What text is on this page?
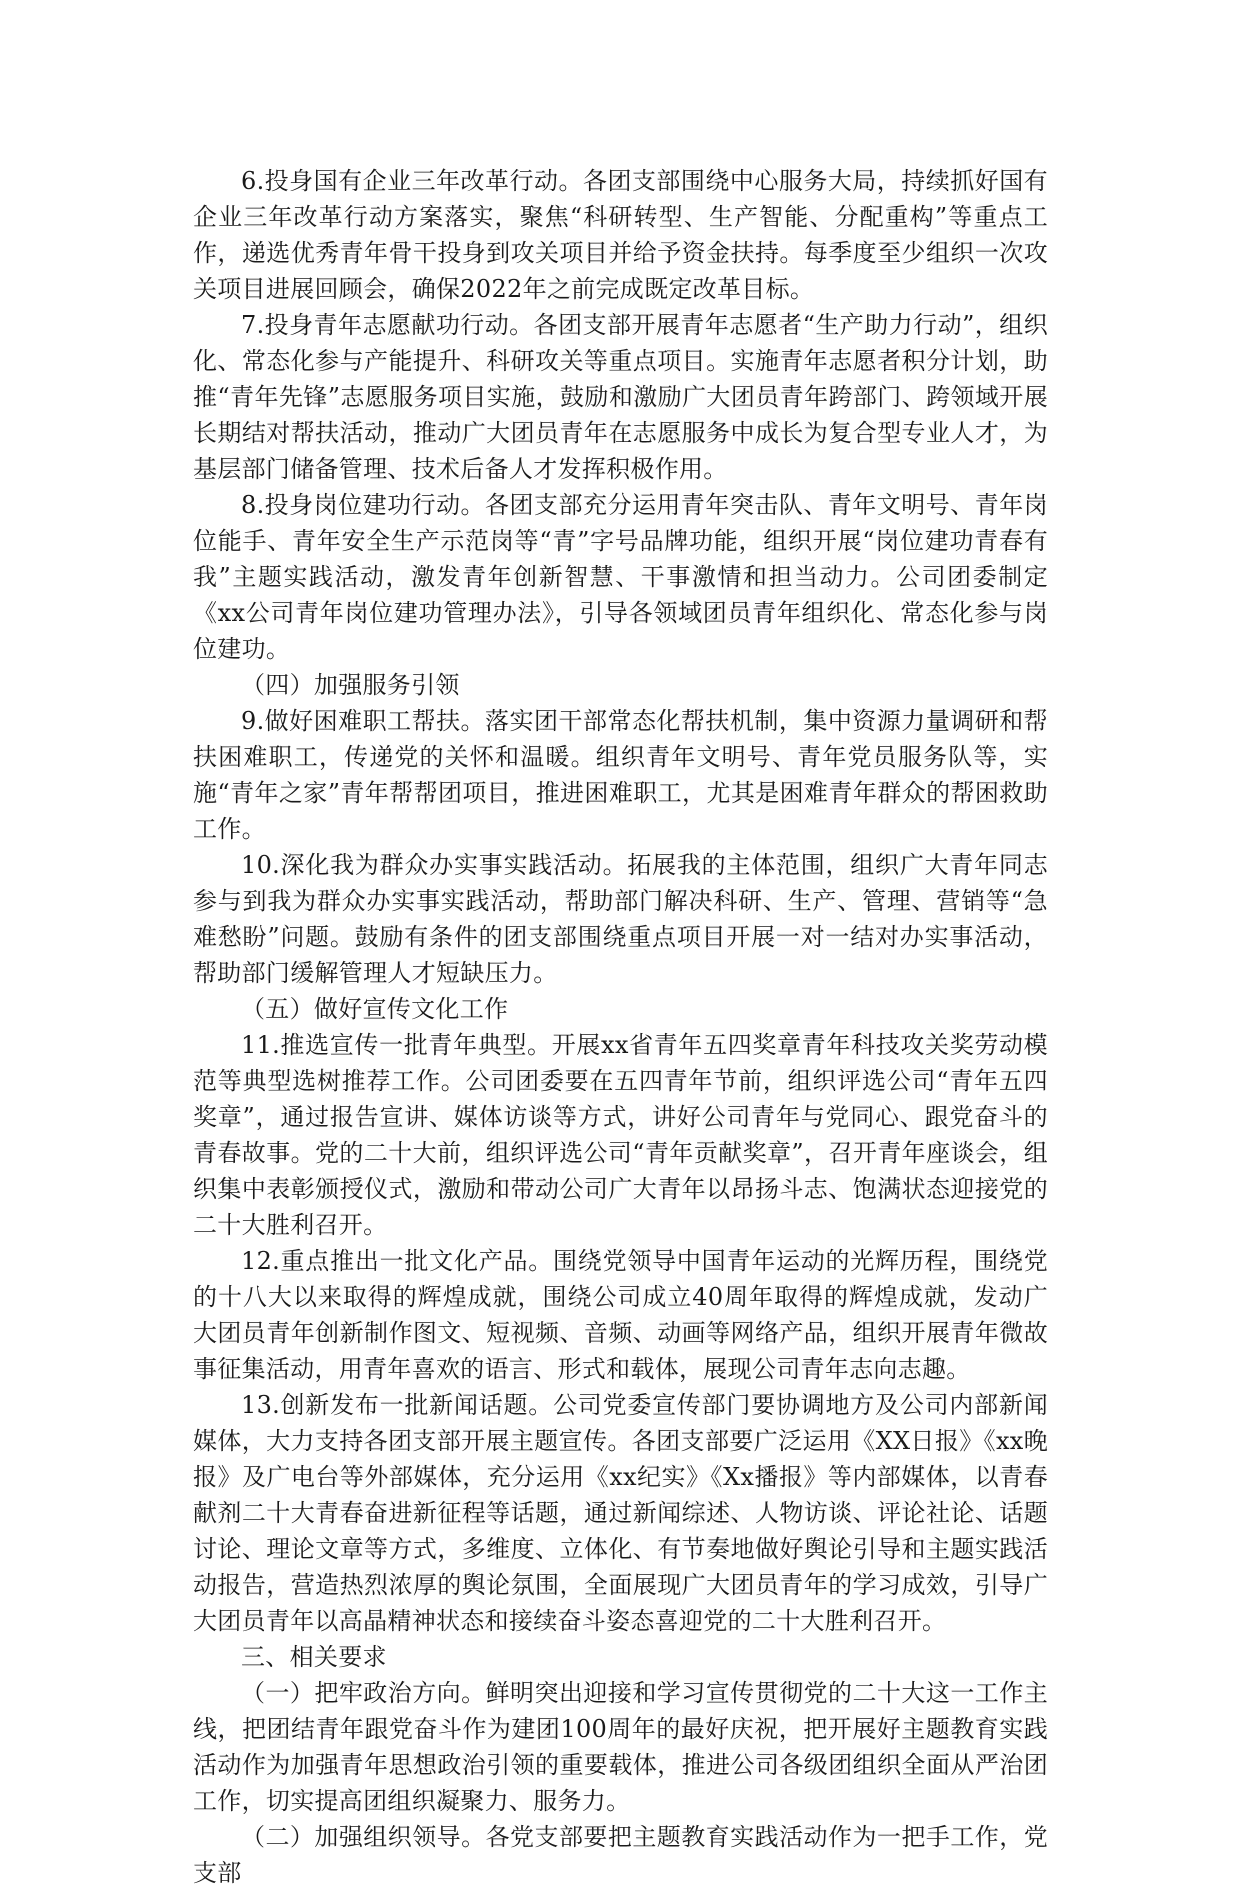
6.投身国有企业三年改革行动。各团支部围绕中心服务大局，持续抓好国有企业三年改革行动方案落实，聚焦“科研转型、生产智能、分配重构”等重点工作，递选优秀青年骨干投身到攻关项目并给予资金扶持。每季度至少组织一次攻关项目进展回顾会，确保2022年之前完成既定改革目标。

7.投身青年志愿献功行动。各团支部开展青年志愿者“生产助力行动”，组织化、常态化参与产能提升、科研攻关等重点项目。实施青年志愿者积分计划，助推“青年先锋”志愿服务项目实施，鼓励和激励广大团员青年跨部门、跨领域开展长期结对帮扶活动，推动广大团员青年在志愿服务中成长为复合型专业人才，为基层部门储备管理、技术后备人才发挥积极作用。

8.投身岗位建功行动。各团支部充分运用青年突击队、青年文明号、青年岗位能手、青年安全生产示范岗等“青”字号品牌功能，组织开展“岗位建功青春有我”主题实践活动，激发青年创新智慧、干事激情和担当动力。公司团委制定《xx公司青年岗位建功管理办法》，引导各领域团员青年组织化、常态化参与岗位建功。

（四）加强服务引领

9.做好困难职工帮扶。落实团干部常态化帮扶机制，集中资源力量调研和帮扶困难职工，传递党的关怀和温暖。组织青年文明号、青年党员服务队等，实施“青年之家”青年帮帮团项目，推进困难职工，尤其是困难青年群众的帮困救助工作。

10.深化我为群众办实事实践活动。拓展我的主体范围，组织广大青年同志参与到我为群众办实事实践活动，帮助部门解决科研、生产、管理、营销等“急难愁盼”问题。鼓励有条件的团支部围绕重点项目开展一对一结对办实事活动，帮助部门缓解管理人才短缺压力。

（五）做好宣传文化工作

11.推选宣传一批青年典型。开展xx省青年五四奖章青年科技攻关奖劳动模范等典型选树推荐工作。公司团委要在五四青年节前，组织评选公司“青年五四奖章”，通过报告宣讲、媒体访谈等方式，讲好公司青年与党同心、跟党奋斗的青春故事。党的二十大前，组织评选公司“青年贡献奖章”，召开青年座谈会，组织集中表彰颁授仪式，激励和带动公司广大青年以昂扬斗志、饱满状态迎接党的二十大胜利召开。

12.重点推出一批文化产品。围绕党领导中国青年运动的光辉历程，围绕党的十八大以来取得的辉煌成就，围绕公司成立40周年取得的辉煌成就，发动广大团员青年创新制作图文、短视频、音频、动画等网络产品，组织开展青年微故事征集活动，用青年喜欢的语言、形式和载体，展现公司青年志向志趣。

13.创新发布一批新闻话题。公司党委宣传部门要协调地方及公司内部新闻媒体，大力支持各团支部开展主题宣传。各团支部要广泛运用《XX日报》《xx晚报》及广电台等外部媒体，充分运用《xx纪实》《Xx播报》等内部媒体，以青春献剂二十大青春奋进新征程等话题，通过新闻综述、人物访谈、评论社论、话题讨论、理论文章等方式，多维度、立体化、有节奏地做好舆论引导和主题实践活动报告，营造热烈浓厚的舆论氛围，全面展现广大团员青年的学习成效，引导广大团员青年以高晶精神状态和接续奋斗姿态喜迎党的二十大胜利召开。

三、相关要求

（一）把牢政治方向。鲜明突出迎接和学习宣传贯彻党的二十大这一工作主线，把团结青年跟党奋斗作为建团100周年的最好庆祝，把开展好主题教育实践活动作为加强青年思想政治引领的重要载体，推进公司各级团组织全面从严治团工作，切实提高团组织凝聚力、服务力。

（二）加强组织领导。各党支部要把主题教育实践活动作为一把手工作，党支部
